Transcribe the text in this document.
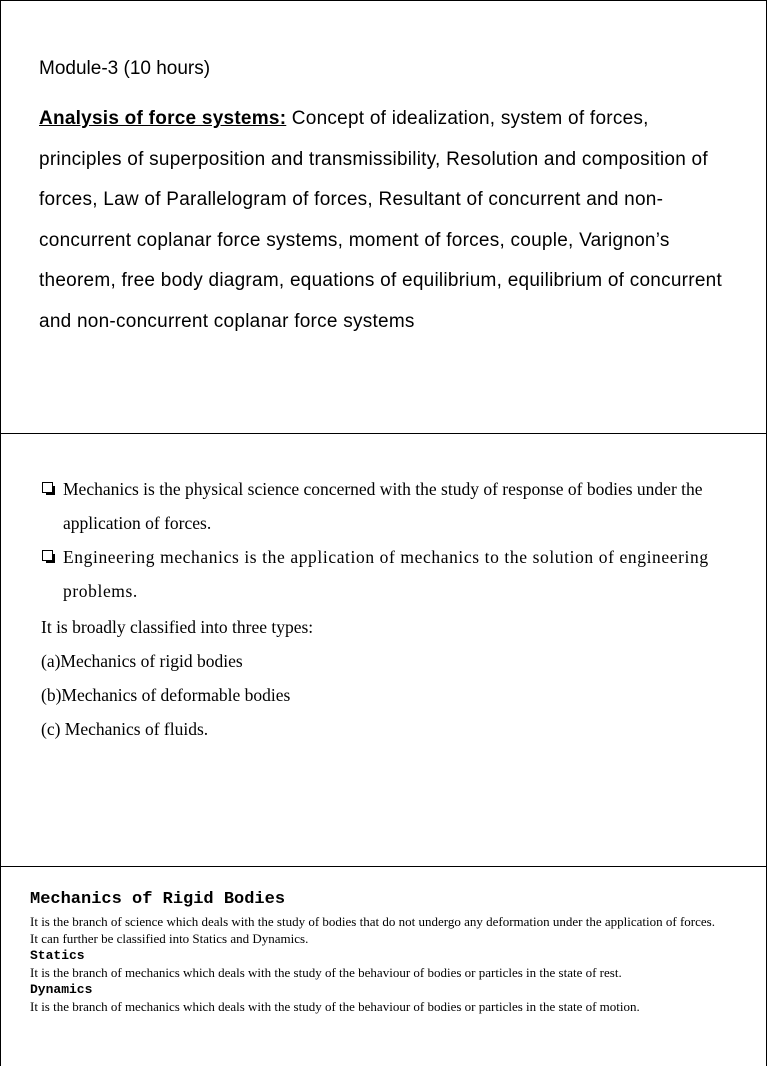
Module-3 (10 hours)

Analysis of force systems: Concept of idealization, system of forces, principles of superposition and transmissibility, Resolution and composition of forces, Law of Parallelogram of forces, Resultant of concurrent and non-concurrent coplanar force systems, moment of forces, couple, Varignon’s theorem, free body diagram, equations of equilibrium, equilibrium of concurrent and non-concurrent coplanar force systems

Mechanics is the physical science concerned with the study of response of bodies under the application of forces.
Engineering mechanics is the application of mechanics to the solution of engineering problems.

It is broadly classified into three types:

(a)Mechanics of rigid bodies

(b)Mechanics of deformable bodies

(c) Mechanics of fluids.

Mechanics of Rigid Bodies

It is the branch of science which deals with the study of bodies that do not undergo any deformation under the application of forces.

It can further be classified into Statics and Dynamics.

Statics

It is the branch of mechanics which deals with the study of the behaviour of bodies or particles in the state of rest.

Dynamics

It is the branch of mechanics which deals with the study of the behaviour of bodies or particles in the state of motion.
